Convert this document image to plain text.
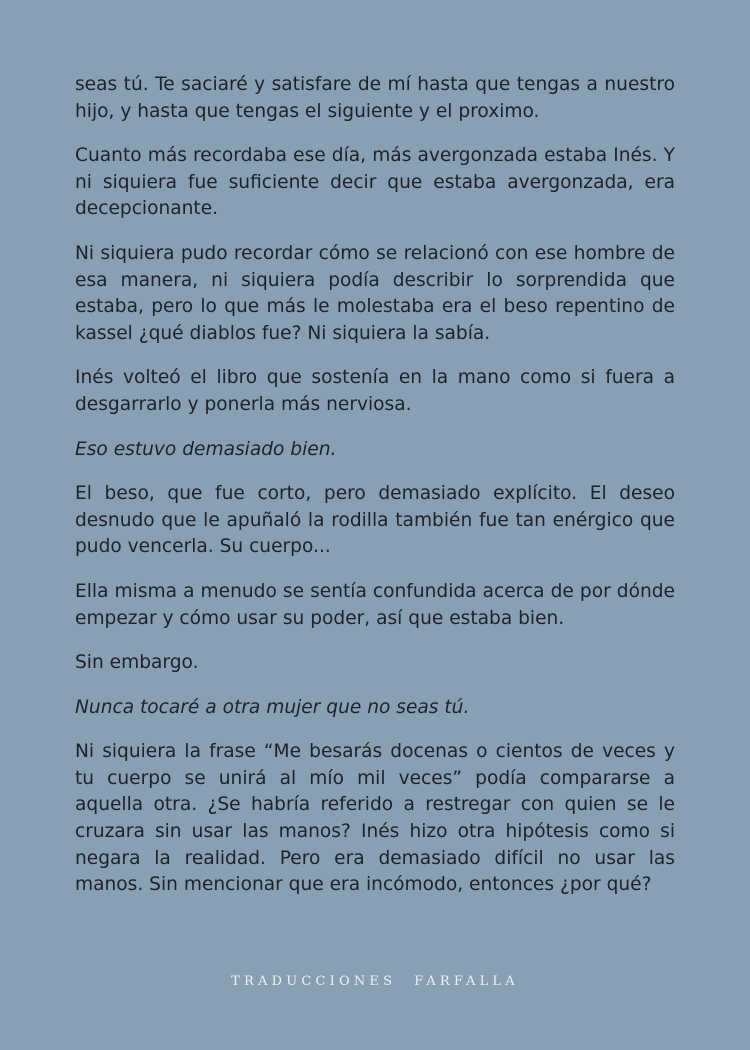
seas tú. Te saciaré y satisfare de mí hasta que tengas a nuestro hijo, y hasta que tengas el siguiente y el proximo.

Cuanto más recordaba ese día, más avergonzada estaba Inés. Y ni siquiera fue suficiente decir que estaba avergonzada, era decepcionante.

Ni siquiera pudo recordar cómo se relacionó con ese hombre de esa manera, ni siquiera podía describir lo sorprendida que estaba, pero lo que más le molestaba era el beso repentino de kassel ¿qué diablos fue? Ni siquiera la sabía.

Inés volteó el libro que sostenía en la mano como si fuera a desgarrarlo y ponerla más nerviosa.

Eso estuvo demasiado bien.

El beso, que fue corto, pero demasiado explícito. El deseo desnudo que le apuñaló la rodilla también fue tan enérgico que pudo vencerla. Su cuerpo...

Ella misma a menudo se sentía confundida acerca de por dónde empezar y cómo usar su poder, así que estaba bien.

Sin embargo.

Nunca tocaré a otra mujer que no seas tú.

Ni siquiera la frase “Me besarás docenas o cientos de veces y tu cuerpo se unirá al mío mil veces” podía compararse a aquella otra. ¿Se habría referido a restregar con quien se le cruzara sin usar las manos? Inés hizo otra hipótesis como si negara la realidad. Pero era demasiado difícil no usar las manos. Sin mencionar que era incómodo, entonces ¿por qué?

TRADUCCIONES FARFALLA
